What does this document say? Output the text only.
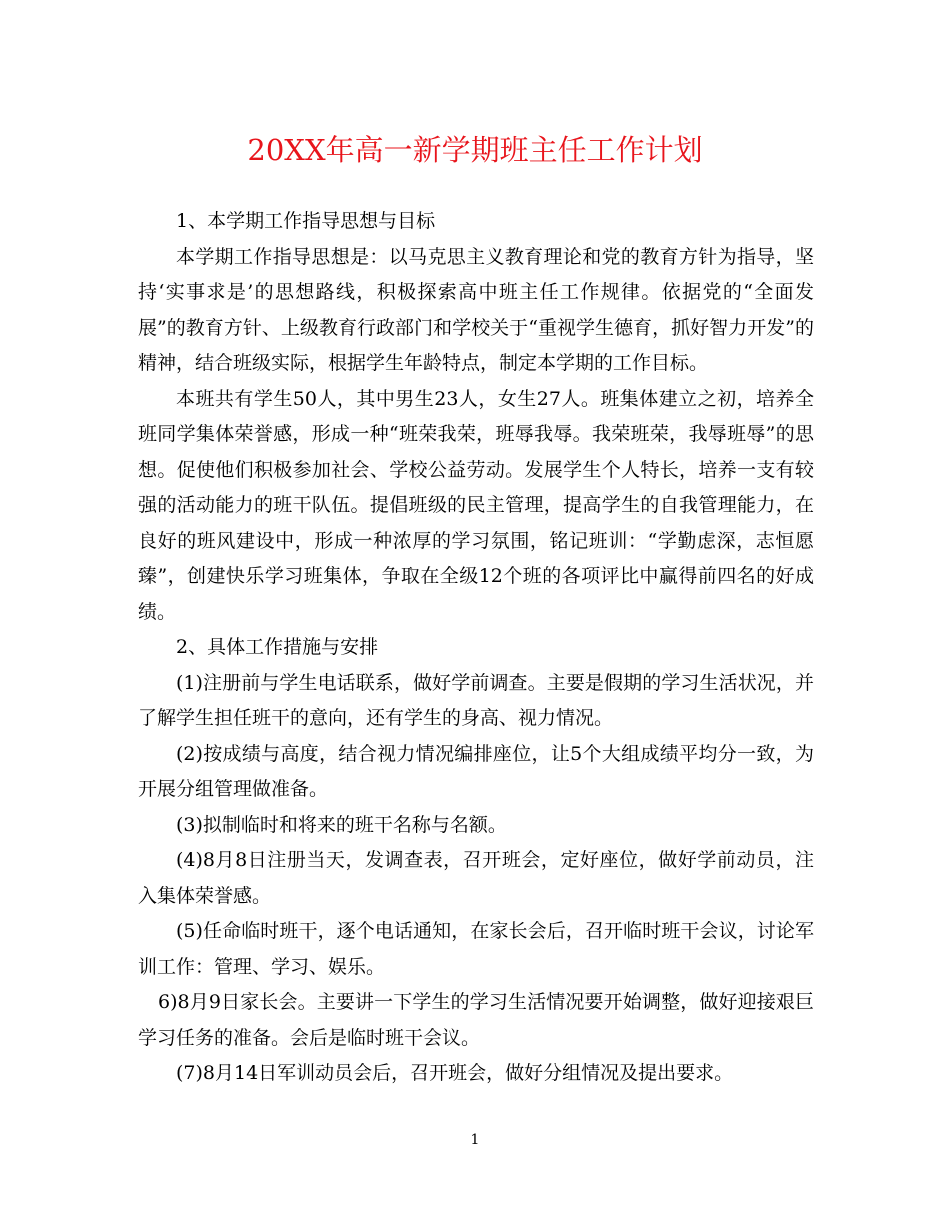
20XX年高一新学期班主任工作计划

1、本学期工作指导思想与目标

本学期工作指导思想是：以马克思主义教育理论和党的教育方针为指导，坚持‘实事求是’的思想路线，积极探索高中班主任工作规律。依据党的“全面发展”的教育方针、上级教育行政部门和学校关于“重视学生德育，抓好智力开发”的精神，结合班级实际，根据学生年龄特点，制定本学期的工作目标。

本班共有学生50人，其中男生23人，女生27人。班集体建立之初，培养全班同学集体荣誉感，形成一种“班荣我荣，班辱我辱。我荣班荣，我辱班辱”的思想。促使他们积极参加社会、学校公益劳动。发展学生个人特长，培养一支有较强的活动能力的班干队伍。提倡班级的民主管理，提高学生的自我管理能力，在良好的班风建设中，形成一种浓厚的学习氛围，铭记班训：“学勤虑深，志恒愿臻”，创建快乐学习班集体，争取在全级12个班的各项评比中赢得前四名的好成绩。

2、具体工作措施与安排

(1)注册前与学生电话联系，做好学前调查。主要是假期的学习生活状况，并了解学生担任班干的意向，还有学生的身高、视力情况。

(2)按成绩与高度，结合视力情况编排座位，让5个大组成绩平均分一致，为开展分组管理做准备。

(3)拟制临时和将来的班干名称与名额。

(4)8月8日注册当天，发调查表，召开班会，定好座位，做好学前动员，注入集体荣誉感。

(5)任命临时班干，逐个电话通知，在家长会后，召开临时班干会议，讨论军训工作：管理、学习、娱乐。

6)8月9日家长会。主要讲一下学生的学习生活情况要开始调整，做好迎接艰巨学习任务的准备。会后是临时班干会议。

(7)8月14日军训动员会后，召开班会，做好分组情况及提出要求。

1
